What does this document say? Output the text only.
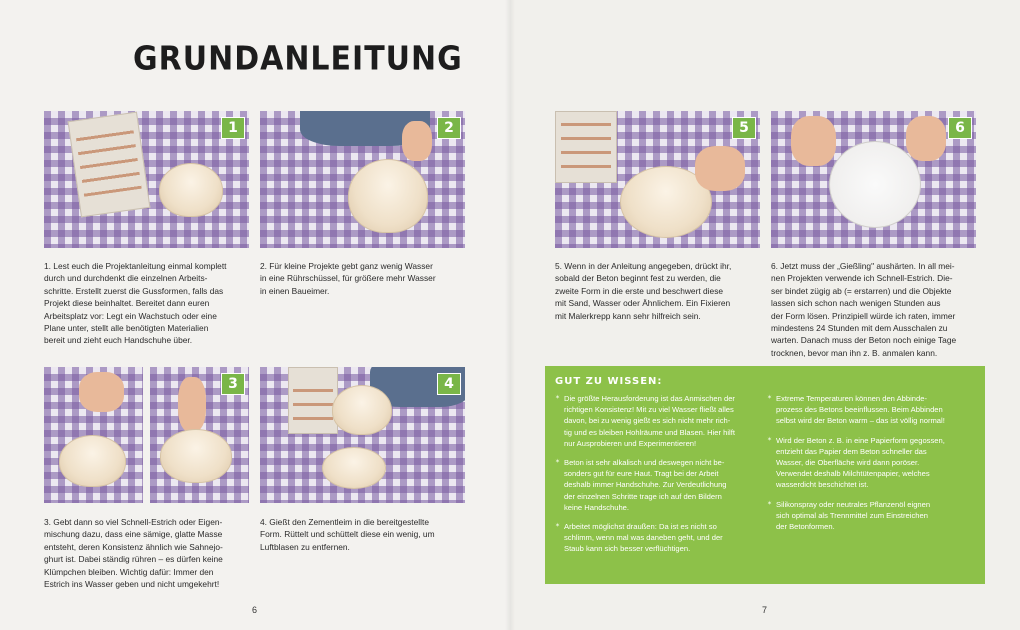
GRUNDANLEITUNG
1	2
3	4
5	6
1. Lest euch die Projektanleitung einmal komplett
durch und durchdenkt die einzelnen Arbeits-
schritte. Erstellt zuerst die Gussformen, falls das
Projekt diese beinhaltet. Bereitet dann euren
Arbeitsplatz vor: Legt ein Wachstuch oder eine
Plane unter, stellt alle benötigten Materialien
bereit und zieht euch Handschuhe über.
2. Für kleine Projekte gebt ganz wenig Wasser
in eine Rührschüssel, für größere mehr Wasser
in einen Baueimer.
3. Gebt dann so viel Schnell-Estrich oder Eigen-
mischung dazu, dass eine sämige, glatte Masse
entsteht, deren Konsistenz ähnlich wie Sahnejo-
ghurt ist. Dabei ständig rühren – es dürfen keine
Klümpchen bleiben. Wichtig dafür: Immer den
Estrich ins Wasser geben und nicht umgekehrt!
4. Gießt den Zementleim in die bereitgestellte
Form. Rüttelt und schüttelt diese ein wenig, um
Luftblasen zu entfernen.
5. Wenn in der Anleitung angegeben, drückt ihr,
sobald der Beton beginnt fest zu werden, die
zweite Form in die erste und beschwert diese
mit Sand, Wasser oder Ähnlichem. Ein Fixieren
mit Malerkrepp kann sehr hilfreich sein.
6. Jetzt muss der „Gießling" aushärten. In all mei-
nen Projekten verwende ich Schnell-Estrich. Die-
ser bindet zügig ab (= erstarren) und die Objekte
lassen sich schon nach wenigen Stunden aus
der Form lösen. Prinzipiell würde ich raten, immer
mindestens 24 Stunden mit dem Ausschalen zu
warten. Danach muss der Beton noch einige Tage
trocknen, bevor man ihn z. B. anmalen kann.
GUT ZU WISSEN:
✶ Die größte Herausforderung ist das Anmischen der
richtigen Konsistenz! Mit zu viel Wasser fließt alles
davon, bei zu wenig gießt es sich nicht mehr rich-
tig und es bleiben Hohlräume und Blasen. Hier hilft
nur Ausprobieren und Experimentieren!
✶ Beton ist sehr alkalisch und deswegen nicht be-
sonders gut für eure Haut. Tragt bei der Arbeit
deshalb immer Handschuhe. Zur Verdeutlichung
der einzelnen Schritte trage ich auf den Bildern
keine Handschuhe.
✶ Arbeitet möglichst draußen: Da ist es nicht so
schlimm, wenn mal was daneben geht, und der
Staub kann sich besser verflüchtigen.
✶ Extreme Temperaturen können den Abbinde-
prozess des Betons beeinflussen. Beim Abbinden
selbst wird der Beton warm – das ist völlig normal!
✶ Wird der Beton z. B. in eine Papierform gegossen,
entzieht das Papier dem Beton schneller das
Wasser, die Oberfläche wird dann poröser.
Verwendet deshalb Milchtütenpapier, welches
wasserdicht beschichtet ist.
✶ Silikonspray oder neutrales Pflanzenöl eignen
sich optimal als Trennmittel zum Einstreichen
der Betonformen.
6	7
